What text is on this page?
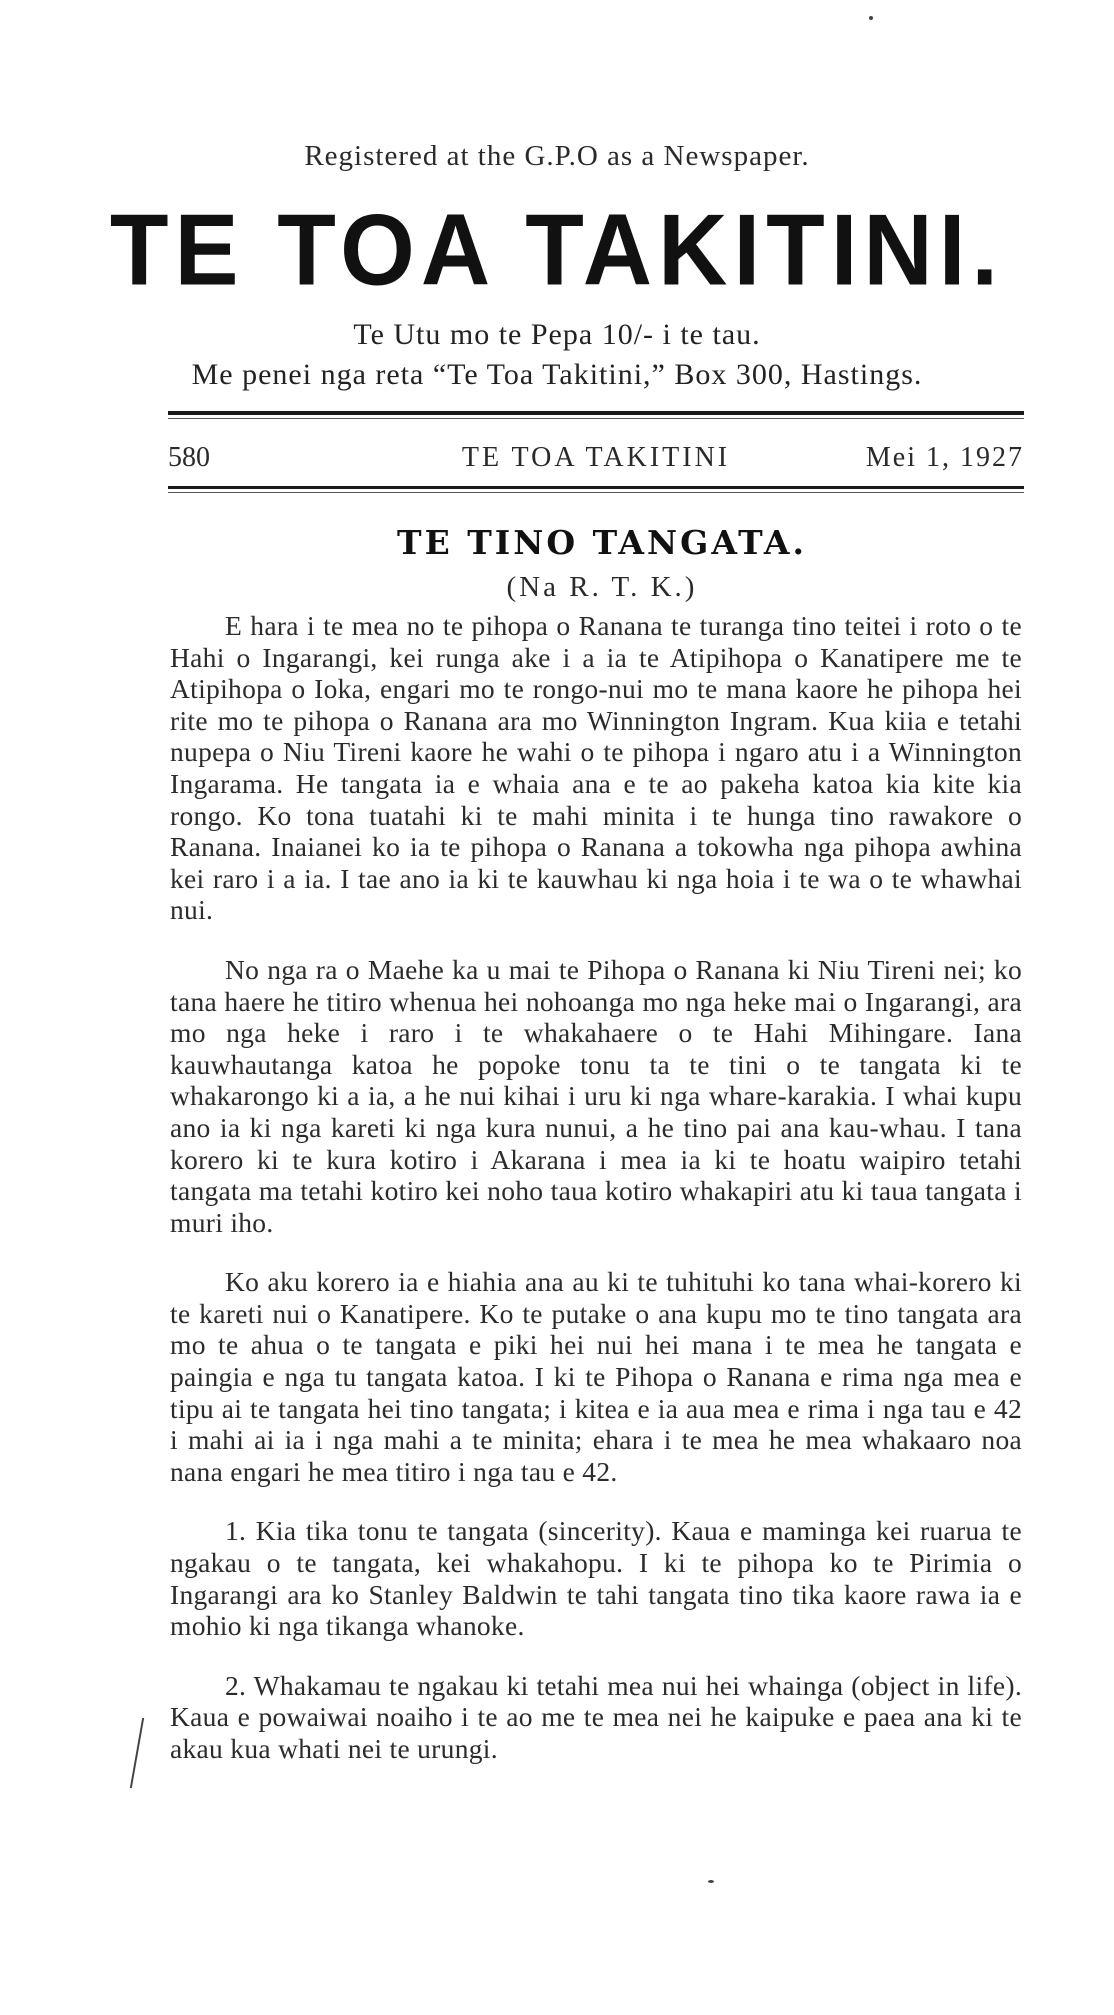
Registered at the G.P.O as a Newspaper.
TE TOA TAKITINI.
Te Utu mo te Pepa 10/- i te tau.
Me penei nga reta “Te Toa Takitini,” Box 300, Hastings.
580	TE TOA TAKITINI	Mei 1, 1927
TE TINO TANGATA.
(Na R. T. K.)

E hara i te mea no te pihopa o Ranana te turanga tino teitei i roto o te Hahi o Ingarangi, kei runga ake i a ia te Atipihopa o Kanatipere me te Atipihopa o Ioka, engari mo te rongo-nui mo te mana kaore he pihopa hei rite mo te pihopa o Ranana ara mo Winnington Ingram. Kua kiia e tetahi nupepa o Niu Tireni kaore he wahi o te pihopa i ngaro atu i a Winnington Ingarama. He tangata ia e whaia ana e te ao pakeha katoa kia kite kia rongo. Ko tona tuatahi ki te mahi minita i te hunga tino rawakore o Ranana. Inaianei ko ia te pihopa o Ranana a tokowha nga pihopa awhina kei raro i a ia. I tae ano ia ki te kauwhau ki nga hoia i te wa o te whawhai nui.

No nga ra o Maehe ka u mai te Pihopa o Ranana ki Niu Tireni nei; ko tana haere he titiro whenua hei nohoanga mo nga heke mai o Ingarangi, ara mo nga heke i raro i te whakahaere o te Hahi Mihingare. Iana kauwhautanga katoa he popoke tonu ta te tini o te tangata ki te whakarongo ki a ia, a he nui kihai i uru ki nga whare-karakia. I whai kupu ano ia ki nga kareti ki nga kura nunui, a he tino pai ana kau-whau. I tana korero ki te kura kotiro i Akarana i mea ia ki te hoatu waipiro tetahi tangata ma tetahi kotiro kei noho taua kotiro whakapiri atu ki taua tangata i muri iho.

Ko aku korero ia e hiahia ana au ki te tuhituhi ko tana whai-korero ki te kareti nui o Kanatipere. Ko te putake o ana kupu mo te tino tangata ara mo te ahua o te tangata e piki hei nui hei mana i te mea he tangata e paingia e nga tu tangata katoa. I ki te Pihopa o Ranana e rima nga mea e tipu ai te tangata hei tino tangata; i kitea e ia aua mea e rima i nga tau e 42 i mahi ai ia i nga mahi a te minita; ehara i te mea he mea whakaaro noa nana engari he mea titiro i nga tau e 42.

1. Kia tika tonu te tangata (sincerity). Kaua e maminga kei ruarua te ngakau o te tangata, kei whakahopu. I ki te pihopa ko te Pirimia o Ingarangi ara ko Stanley Baldwin te tahi tangata tino tika kaore rawa ia e mohio ki nga tikanga whanoke.

2. Whakamau te ngakau ki tetahi mea nui hei whainga (object in life). Kaua e powaiwai noaiho i te ao me te mea nei he kaipuke e paea ana ki te akau kua whati nei te urungi.
